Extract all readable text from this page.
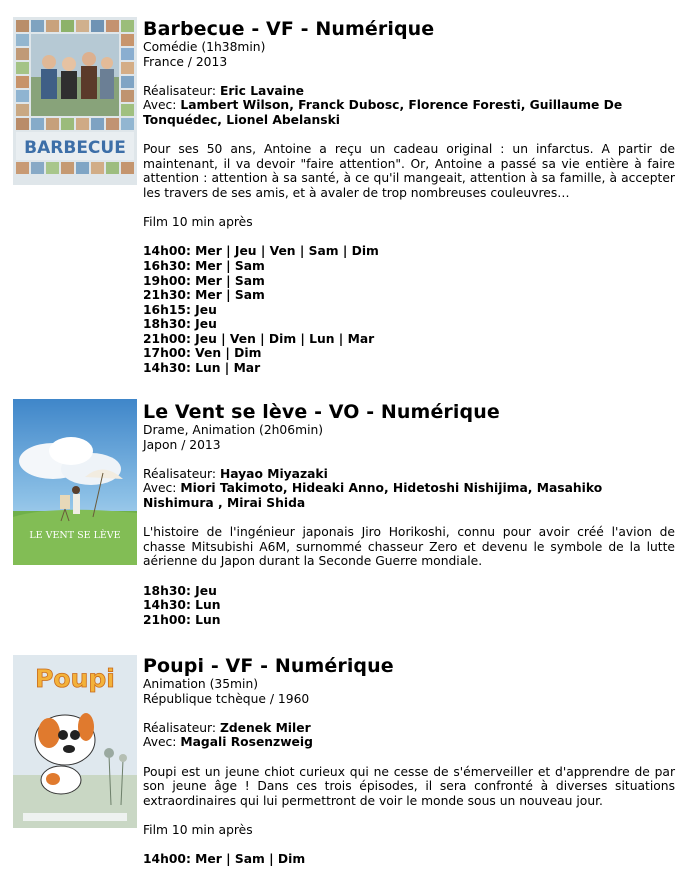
BARBECUE

Barbecue - VF - Numérique

Comédie (1h38min)

France / 2013

Réalisateur: Eric Lavaine

Avec: Lambert Wilson, Franck Dubosc, Florence Foresti, Guillaume De Tonquédec, Lionel Abelanski

Pour ses 50 ans, Antoine a reçu un cadeau original : un infarctus. A partir de maintenant, il va devoir "faire attention". Or, Antoine a passé sa vie entière à faire attention : attention à sa santé, à ce qu'il mangeait, attention à sa famille, à accepter les travers de ses amis, et à avaler de trop nombreuses couleuvres…

Film 10 min après

14h00: Mer | Jeu | Ven | Sam | Dim

16h30: Mer | Sam

19h00: Mer | Sam

21h30: Mer | Sam

16h15: Jeu

18h30: Jeu

21h00: Jeu | Ven | Dim | Lun | Mar

17h00: Ven | Dim

14h30: Lun | Mar

LE VENT SE LÈVE

Le Vent se lève - VO - Numérique

Drame, Animation (2h06min)

Japon / 2013

Réalisateur: Hayao Miyazaki

Avec: Miori Takimoto, Hideaki Anno, Hidetoshi Nishijima, Masahiko Nishimura , Mirai Shida

L'histoire de l'ingénieur japonais Jiro Horikoshi, connu pour avoir créé l'avion de chasse Mitsubishi A6M, surnommé chasseur Zero et devenu le symbole de la lutte aérienne du Japon durant la Seconde Guerre mondiale.

18h30: Jeu

14h30: Lun

21h00: Lun

Poupi Poupi - VF - Numérique

Animation (35min)

République tchèque / 1960

Réalisateur: Zdenek Miler

Avec: Magali Rosenzweig

Poupi est un jeune chiot curieux qui ne cesse de s'émerveiller et d'apprendre de par son jeune âge ! Dans ces trois épisodes, il sera confronté à diverses situations extraordinaires qui lui permettront de voir le monde sous un nouveau jour.

Film 10 min après

14h00: Mer | Sam | Dim
